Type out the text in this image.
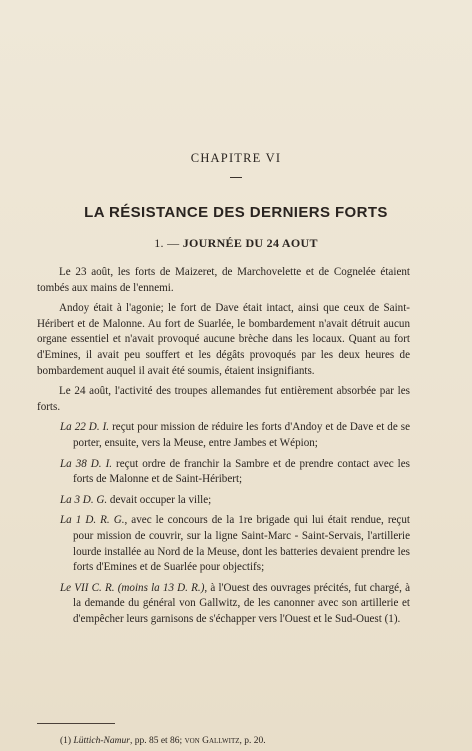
CHAPITRE VI
LA RÉSISTANCE DES DERNIERS FORTS
1. — JOURNÉE DU 24 AOUT

Le 23 août, les forts de Maizeret, de Marchovelette et de Cognelée étaient tombés aux mains de l'ennemi.

Andoy était à l'agonie; le fort de Dave était intact, ainsi que ceux de Saint-Héribert et de Malonne. Au fort de Suarlée, le bombardement n'avait détruit aucun organe essentiel et n'avait provoqué aucune brèche dans les locaux. Quant au fort d'Emines, il avait peu souffert et les dégâts provoqués par les deux heures de bombardement auquel il avait été soumis, étaient insignifiants.

Le 24 août, l'activité des troupes allemandes fut entièrement absorbée par les forts.

La 22 D. I. reçut pour mission de réduire les forts d'Andoy et de Dave et de se porter, ensuite, vers la Meuse, entre Jambes et Wépion;

La 38 D. I. reçut ordre de franchir la Sambre et de prendre contact avec les forts de Malonne et de Saint-Héribert;

La 3 D. G. devait occuper la ville;

La 1 D. R. G., avec le concours de la 1re brigade qui lui était rendue, reçut pour mission de couvrir, sur la ligne Saint-Marc - Saint-Servais, l'artillerie lourde installée au Nord de la Meuse, dont les batteries devaient prendre les forts d'Emines et de Suarlée pour objectifs;

Le VII C. R. (moins la 13 D. R.), à l'Ouest des ouvrages précités, fut chargé, à la demande du général von Gallwitz, de les canonner avec son artillerie et d'empêcher leurs garnisons de s'échapper vers l'Ouest et le Sud-Ouest (1).

(1) Lüttich-Namur, pp. 85 et 86; von Gallwitz, p. 20.
